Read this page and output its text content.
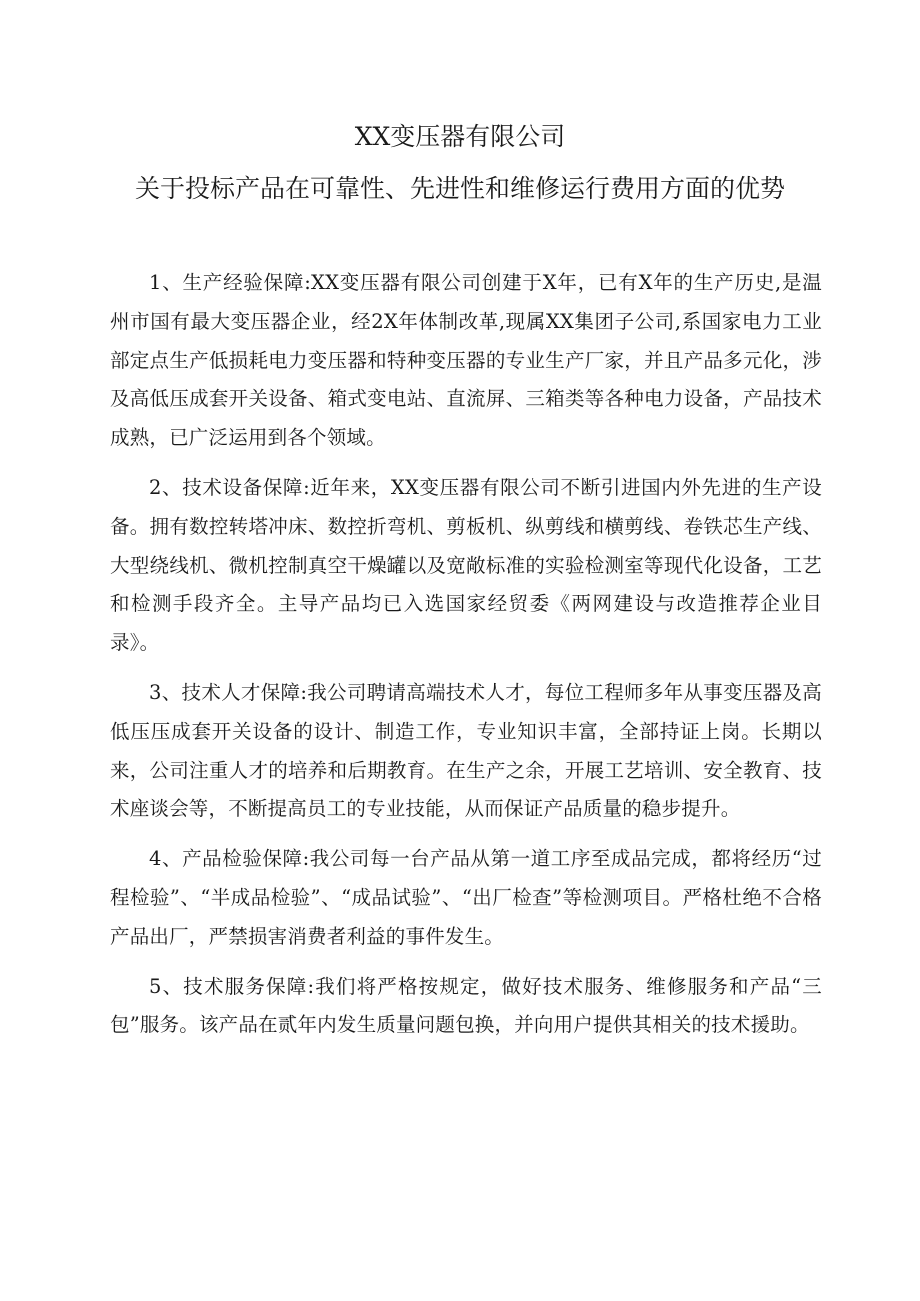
XX变压器有限公司
关于投标产品在可靠性、先进性和维修运行费用方面的优势

1、生产经验保障:XX变压器有限公司创建于X年，已有X年的生产历史,是温州市国有最大变压器企业，经2X年体制改革,现属XX集团子公司,系国家电力工业部定点生产低损耗电力变压器和特种变压器的专业生产厂家，并且产品多元化，涉及高低压成套开关设备、箱式变电站、直流屏、三箱类等各种电力设备，产品技术成熟，已广泛运用到各个领域。

2、技术设备保障:近年来，XX变压器有限公司不断引进国内外先进的生产设备。拥有数控转塔冲床、数控折弯机、剪板机、纵剪线和横剪线、卷铁芯生产线、大型绕线机、微机控制真空干燥罐以及宽敞标准的实验检测室等现代化设备，工艺和检测手段齐全。主导产品均已入选国家经贸委《两网建设与改造推荐企业目录》。

3、技术人才保障:我公司聘请高端技术人才，每位工程师多年从事变压器及高低压压成套开关设备的设计、制造工作，专业知识丰富，全部持证上岗。长期以来，公司注重人才的培养和后期教育。在生产之余，开展工艺培训、安全教育、技术座谈会等，不断提高员工的专业技能，从而保证产品质量的稳步提升。

4、产品检验保障:我公司每一台产品从第一道工序至成品完成，都将经历“过程检验”、“半成品检验”、“成品试验”、“出厂检查”等检测项目。严格杜绝不合格产品出厂，严禁损害消费者利益的事件发生。

5、技术服务保障:我们将严格按规定，做好技术服务、维修服务和产品“三包”服务。该产品在贰年内发生质量问题包换，并向用户提供其相关的技术援助。
